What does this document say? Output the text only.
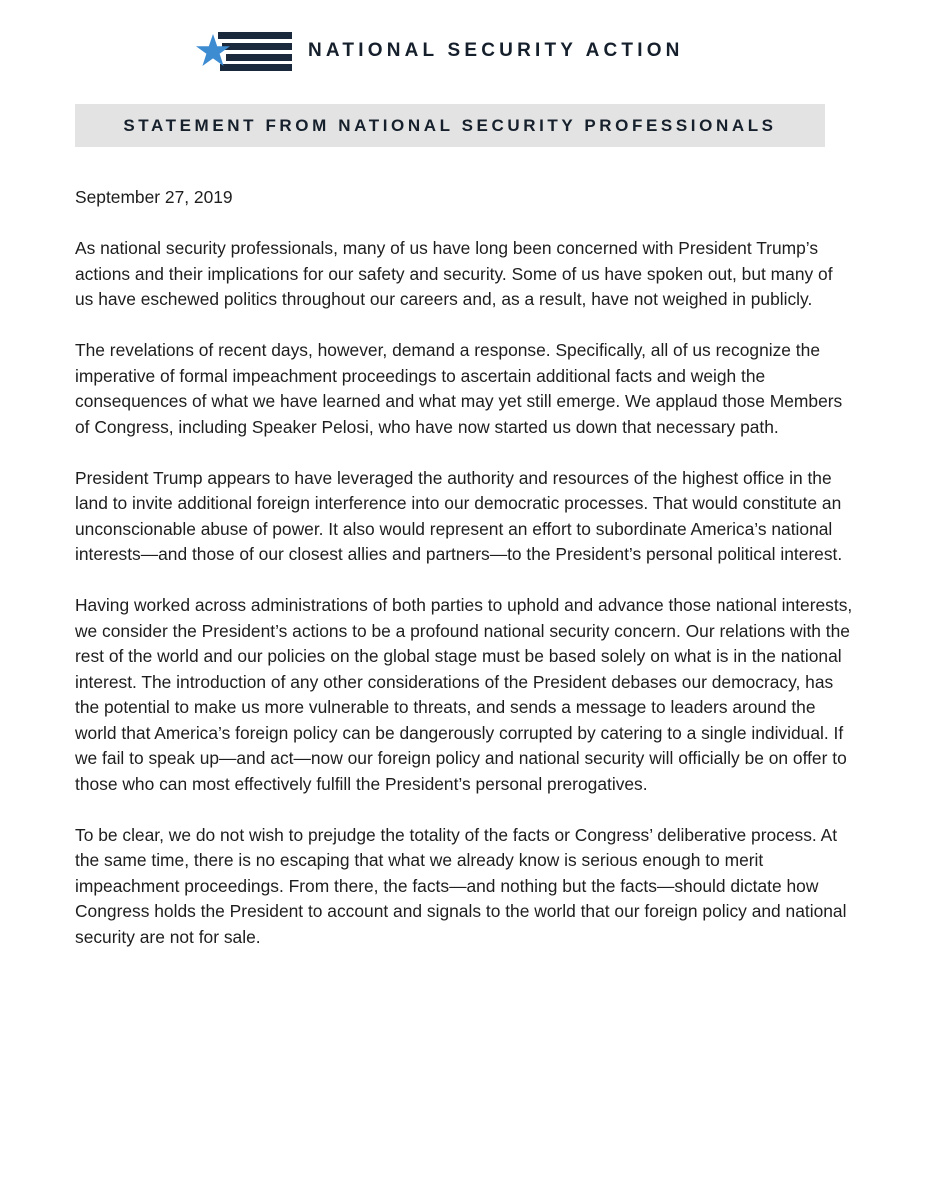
NATIONAL SECURITY ACTION
STATEMENT FROM NATIONAL SECURITY PROFESSIONALS

September 27, 2019

As national security professionals, many of us have long been concerned with President Trump’s actions and their implications for our safety and security. Some of us have spoken out, but many of us have eschewed politics throughout our careers and, as a result, have not weighed in publicly.

The revelations of recent days, however, demand a response. Specifically, all of us recognize the imperative of formal impeachment proceedings to ascertain additional facts and weigh the consequences of what we have learned and what may yet still emerge. We applaud those Members of Congress, including Speaker Pelosi, who have now started us down that necessary path.

President Trump appears to have leveraged the authority and resources of the highest office in the land to invite additional foreign interference into our democratic processes. That would constitute an unconscionable abuse of power. It also would represent an effort to subordinate America’s national interests—and those of our closest allies and partners—to the President’s personal political interest.

Having worked across administrations of both parties to uphold and advance those national interests, we consider the President’s actions to be a profound national security concern. Our relations with the rest of the world and our policies on the global stage must be based solely on what is in the national interest. The introduction of any other considerations of the President debases our democracy, has the potential to make us more vulnerable to threats, and sends a message to leaders around the world that America’s foreign policy can be dangerously corrupted by catering to a single individual. If we fail to speak up—and act—now our foreign policy and national security will officially be on offer to those who can most effectively fulfill the President’s personal prerogatives.

To be clear, we do not wish to prejudge the totality of the facts or Congress’ deliberative process. At the same time, there is no escaping that what we already know is serious enough to merit impeachment proceedings. From there, the facts—and nothing but the facts—should dictate how Congress holds the President to account and signals to the world that our foreign policy and national security are not for sale.
